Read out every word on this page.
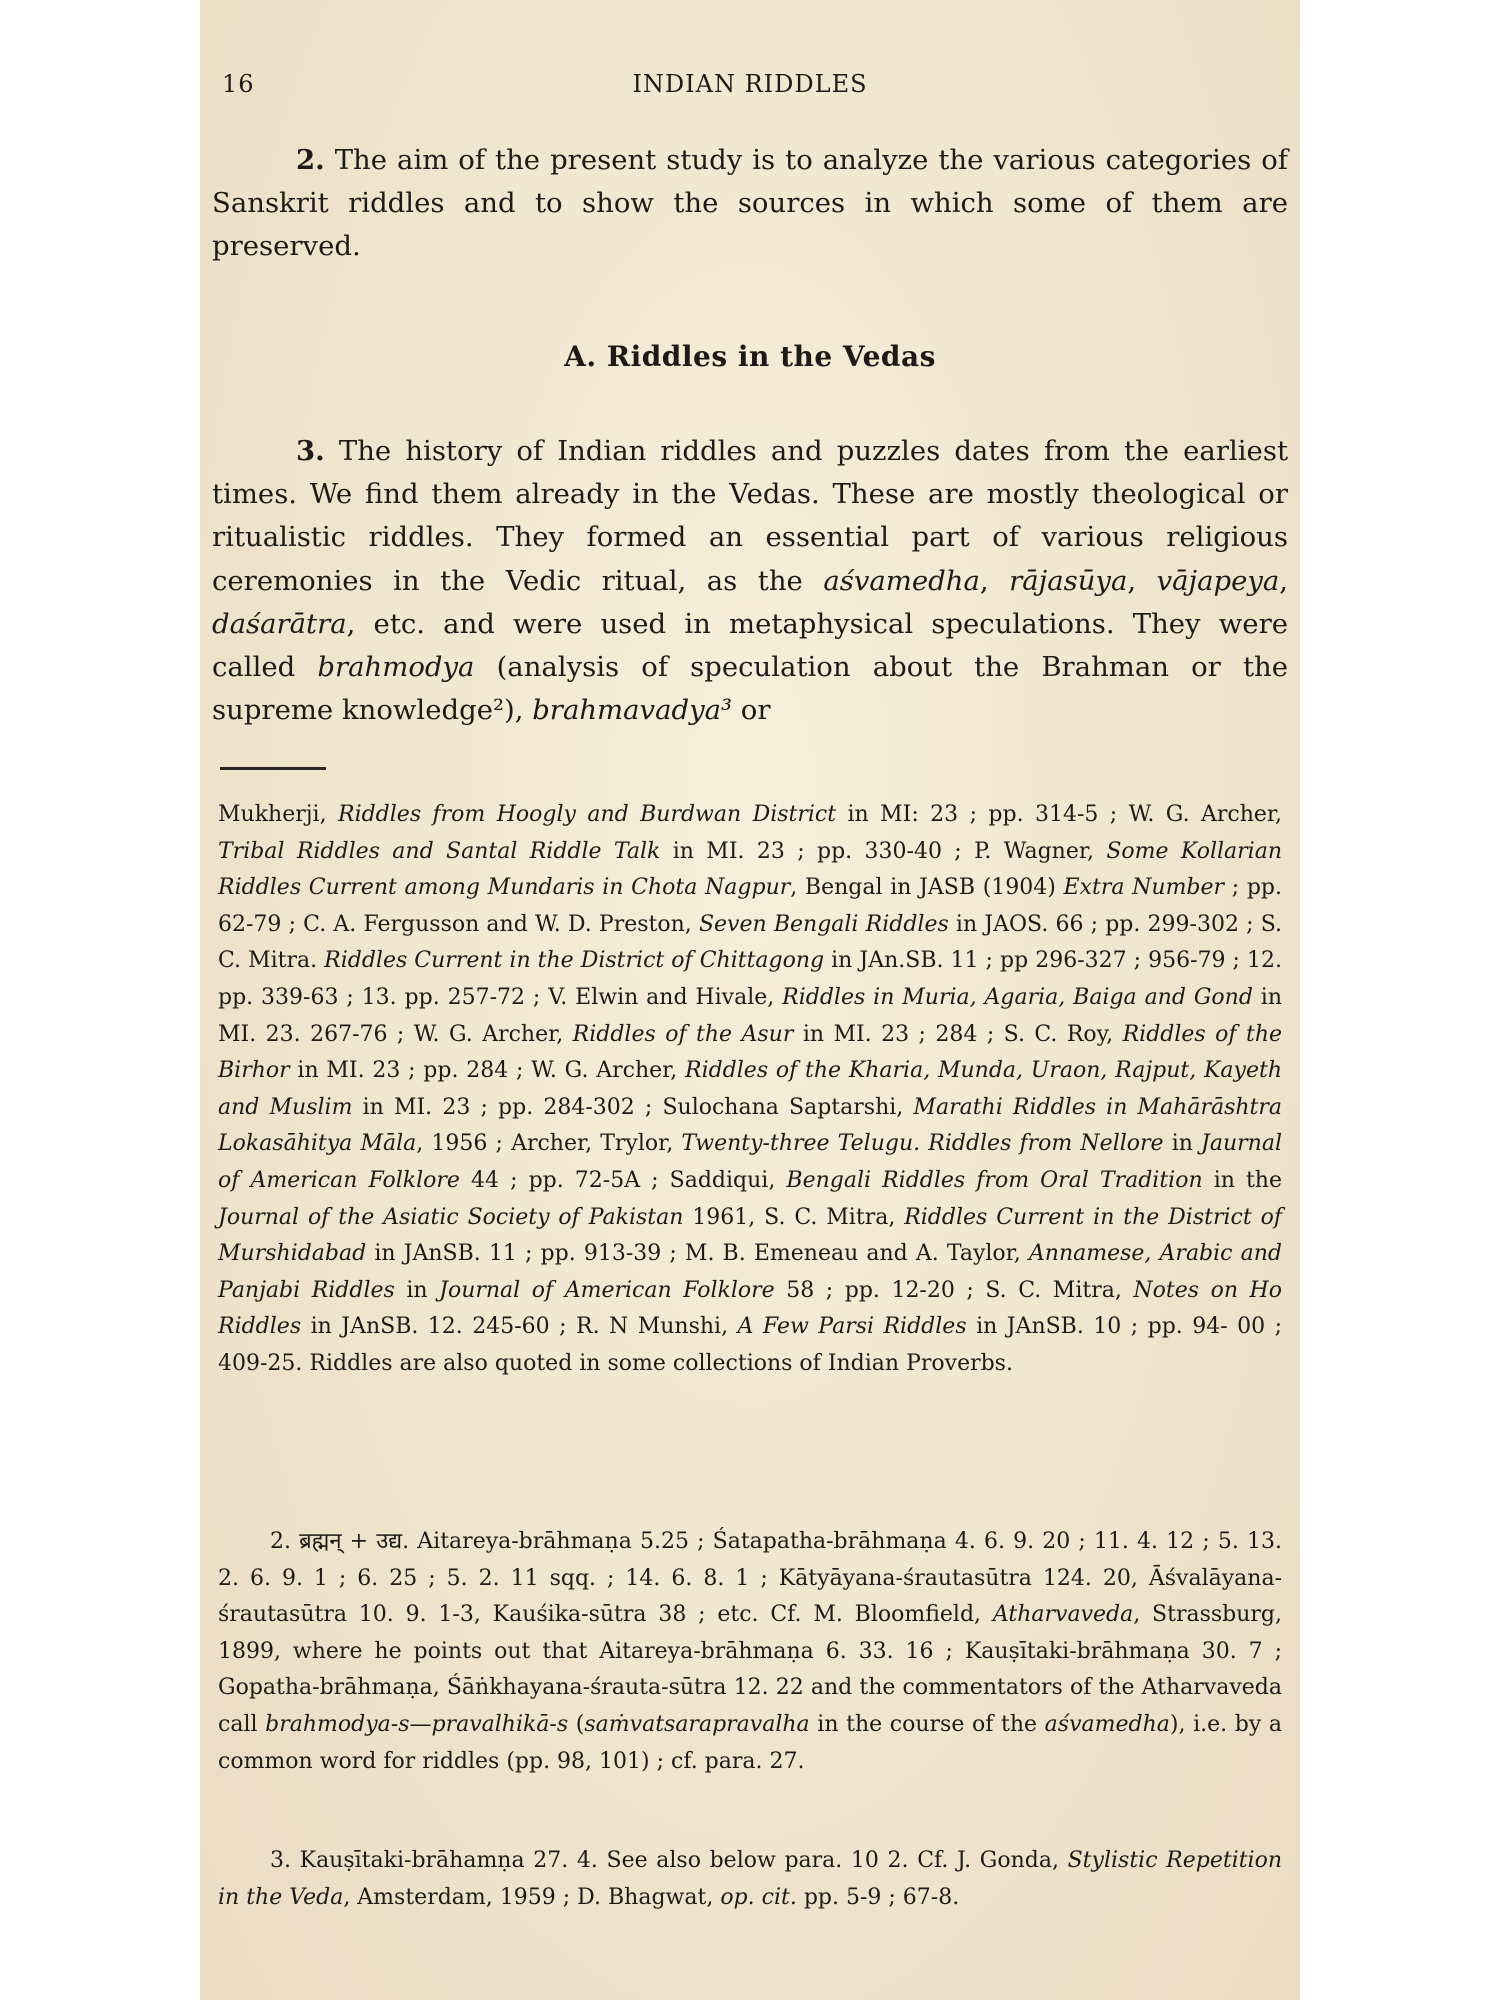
16	INDIAN RIDDLES
2. The aim of the present study is to analyze the various categories of Sanskrit riddles and to show the sources in which some of them are preserved.
A. Riddles in the Vedas
3. The history of Indian riddles and puzzles dates from the earliest times. We find them already in the Vedas. These are mostly theological or ritualistic riddles. They formed an essential part of various religious ceremonies in the Vedic ritual, as the aśvamedha, rājasūya, vājapeya, daśarātra, etc. and were used in metaphysical speculations. They were called brahmodya (analysis of speculation about the Brahman or the supreme knowledge²), brahmavadya³ or
Mukherji, Riddles from Hoogly and Burdwan District in MI: 23 ; pp. 314-5 ; W. G. Archer, Tribal Riddles and Santal Riddle Talk in MI. 23 ; pp. 330-40 ; P. Wagner, Some Kollarian Riddles Current among Mundaris in Chota Nagpur, Bengal in JASB (1904) Extra Number ; pp. 62-79 ; C. A. Fergusson and W. D. Preston, Seven Bengali Riddles in JAOS. 66 ; pp. 299-302 ; S. C. Mitra. Riddles Current in the District of Chittagong in JAn.SB. 11 ; pp 296-327 ; 956-79 ; 12. pp. 339-63 ; 13. pp. 257-72 ; V. Elwin and Hivale, Riddles in Muria, Agaria, Baiga and Gond in MI. 23. 267-76 ; W. G. Archer, Riddles of the Asur in MI. 23 ; 284 ; S. C. Roy, Riddles of the Birhor in MI. 23 ; pp. 284 ; W. G. Archer, Riddles of the Kharia, Munda, Uraon, Rajput, Kayeth and Muslim in MI. 23 ; pp. 284-302 ; Sulochana Saptarshi, Marathi Riddles in Mahārāshtra Lokasāhitya Māla, 1956 ; Archer, Trylor, Twenty-three Telugu. Riddles from Nellore in Jaurnal of American Folklore 44 ; pp. 72-5A ; Saddiqui, Bengali Riddles from Oral Tradition in the Journal of the Asiatic Society of Pakistan 1961, S. C. Mitra, Riddles Current in the District of Murshidabad in JAnSB. 11 ; pp. 913-39 ; M. B. Emeneau and A. Taylor, Annamese, Arabic and Panjabi Riddles in Journal of American Folklore 58 ; pp. 12-20 ; S. C. Mitra, Notes on Ho Riddles in JAnSB. 12. 245-60 ; R. N Munshi, A Few Parsi Riddles in JAnSB. 10 ; pp. 94- 00 ; 409-25. Riddles are also quoted in some collections of Indian Proverbs.
2. ब्रह्मन् + उद्य. Aitareya-brāhmaṇa 5.25 ; Śatapatha-brāhmaṇa 4. 6. 9. 20 ; 11. 4. 12 ; 5. 13. 2. 6. 9. 1 ; 6. 25 ; 5. 2. 11 sqq. ; 14. 6. 8. 1 ; Kātyāyana-śrautasūtra 124. 20, Āśvalāyana-śrautasūtra 10. 9. 1-3, Kauśika-sūtra 38 ; etc. Cf. M. Bloomfield, Atharvaveda, Strassburg, 1899, where he points out that Aitareya-brāhmaṇa 6. 33. 16 ; Kauṣītaki-brāhmaṇa 30. 7 ; Gopatha-brāhmaṇa, Śāṅkhayana-śrauta-sūtra 12. 22 and the commentators of the Atharvaveda call brahmodya-s—pravalhikā-s (saṁvatsarapravalha in the course of the aśvamedha), i.e. by a common word for riddles (pp. 98, 101) ; cf. para. 27.
3. Kauṣītaki-brāhamṇa 27. 4. See also below para. 10 2. Cf. J. Gonda, Stylistic Repetition in the Veda, Amsterdam, 1959 ; D. Bhagwat, op. cit. pp. 5-9 ; 67-8.
